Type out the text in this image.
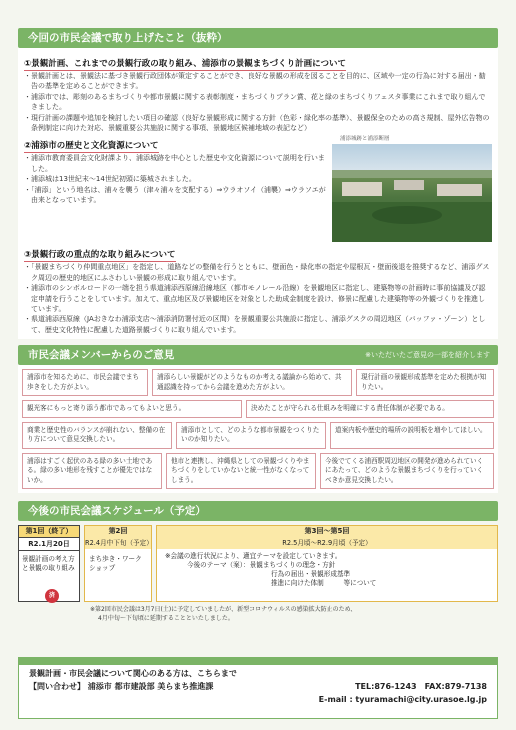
今回の市民会議で取り上げたこと（抜粋）
①景観計画、これまでの景観行政の取り組み、浦添市の景観まちづくり計画について
・景観計画とは、景観法に基づき景観行政団体が策定することができ、良好な景観の形成を図ることを目的に、区域や一定の行為に対する届出・勧告の基準を定めることができます。
・浦添市では、彫刻のあるまちづくりや都市景観に関する表彰制度・まちづくりプラン賞、花と緑のまちづくりフェスタ事業にこれまで取り組んできました。
・現行計画の課題や追加を検討したい項目の確認（良好な景観形成に関する方針（色彩・緑化率の基準）、景観保全のための高さ規制、屋外広告物の条例制定に向けた対応、景観重要公共施設に関する事項、景観地区候補地域の表記など）
②浦添市の歴史と文化資源について
・浦添市教育委員会文化財課より、浦添城跡を中心とした歴史や文化資源について説明を行いました。
・浦添城は13世紀末〜14世紀初頭に築城されました。
・「浦添」という地名は、浦々を襲う（津々浦々を支配する）⇒ウラオソイ（浦襲）⇒ウラソエが由来となっています。
浦添城跡と浦添断層
③景観行政の重点的な取り組みについて
・「景観まちづくり仲間重点地区」を指定し、道路などの整備を行うとともに、壁面色・緑化率の指定や屋根瓦・壁面後退を推奨するなど、浦添グスク周辺の歴史的地区にふさわしい景観の形成に取り組んでいます。
・浦添市のシンボルロードの一端を担う県道浦添西原線沿線地区（都市モノレール沿線）を景観地区に指定し、建築物等の計画時に事前協議及び認定申請を行うことをしています。加えて、重点地区及び景観地区を対象とした助成金制度を設け、修景に配慮した建築物等の外観づくりを推進しています。
・県道浦添西原線（JAおきなわ浦添支店〜浦添消防署付近の区間）を景観重要公共施設に指定し、浦添グスクの周辺地区（バッファ・ゾーン）として、歴史文化特性に配慮した道路景観づくりに取り組んでいます。
市民会議メンバーからのご意見	※いただいたご意見の一部を紹介します
浦添市を知るために、市民会議でまち歩きをした方がよい。
浦添らしい景観がどのようなものか考える議論から始めて、共通認識を持ってから会議を進めた方がよい。
現行計画の景観形成基準を定めた根拠が知りたい。
観光客にもっと寄り添う都市であってもよいと思う。	決めたことが守られる仕組みを明確にする責任体制が必要である。
商業と歴史性のバランスが崩れない、整備の在り方について意見交換したい。
浦添市として、どのような都市景観をつくりたいのか知りたい。
道案内板や歴史的場所の説明板を増やしてほしい。
浦添はすごく起伏のある緑の多い土地である。緑の多い地形を残すことが優先ではないか。
他市と連携し、沖縄県としての景観づくりやまちづくりをしていかないと統一性がなくなってしまう。
今後でてくる浦西駅周辺地区の開発が進められていくにあたって、どのような景観まちづくりを行っていくべきか意見交換したい。
今後の市民会議スケジュール（予定）
第1回（終了）
R2.1月20日
景観計画の考え方と景観の取り組み
済
第2回
R2.4月中下旬（予定）
まち歩き・ワークショップ
第3回〜第5回
R2.5月頃〜R2.9月頃（予定）
※会議の進行状況により、適宜テーマを設定していきます。
今後のテーマ（案）：景観まちづくりの理念・方針
行為の届出・景観形成基準
推進に向けた体制　　　等について
※第2回市民会議は3月7日(土)に予定していましたが、新型コロナウィルスの感染拡大防止のため、
4月中旬〜下旬頃に延期することといたしました。
景観計画・市民会議について関心のある方は、こちらまで
【問い合わせ】 浦添市 都市建設部 美らまち推進課	TEL:876-1243　FAX:879-7138
E-mail : tyuramachi@city.urasoe.lg.jp
